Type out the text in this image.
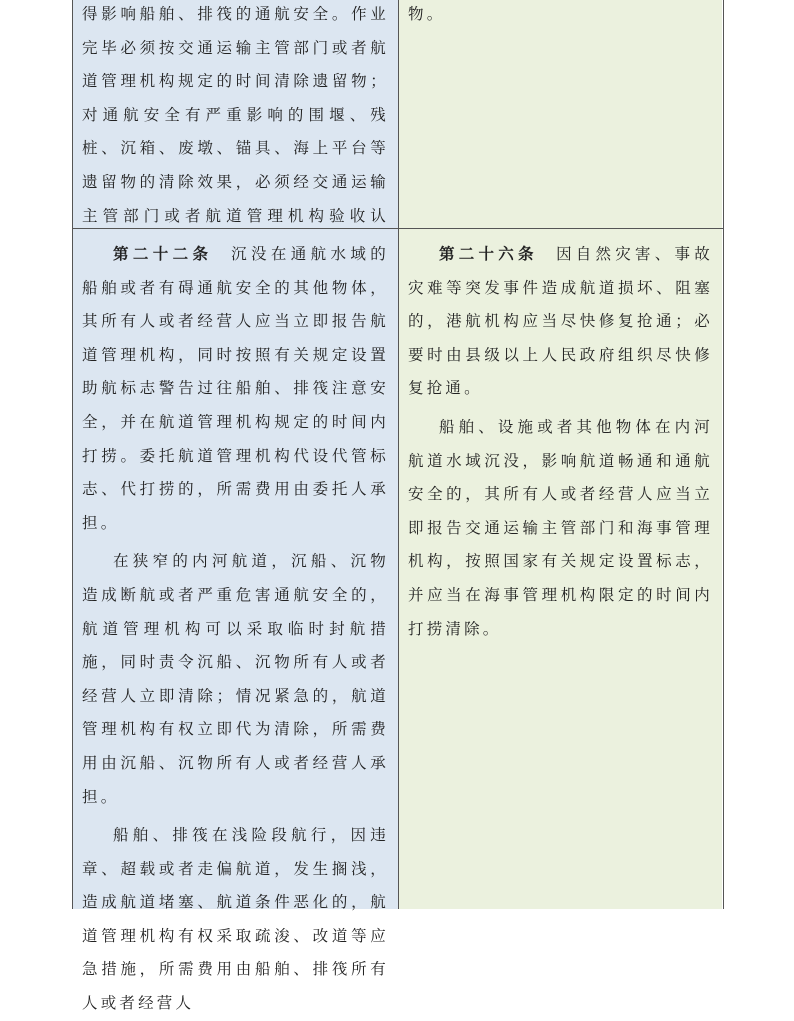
得影响船舶、排筏的通航安全。作业完毕必须按交通运输主管部门或者航道管理机构规定的时间清除遗留物；对通航安全有严重影响的围堰、残桩、沉箱、废墩、锚具、海上平台等遗留物的清除效果，必须经交通运输主管部门或者航道管理机构验收认

物。

第二十二条 沉没在通航水域的船舶或者有碍通航安全的其他物体，其所有人或者经营人应当立即报告航道管理机构，同时按照有关规定设置助航标志警告过往船舶、排筏注意安全，并在航道管理机构规定的时间内打捞。委托航道管理机构代设代管标志、代打捞的，所需费用由委托人承担。

在狭窄的内河航道，沉船、沉物造成断航或者严重危害通航安全的，航道管理机构可以采取临时封航措施，同时责令沉船、沉物所有人或者经营人立即清除；情况紧急的，航道管理机构有权立即代为清除，所需费用由沉船、沉物所有人或者经营人承担。

船舶、排筏在浅险段航行，因违章、超载或者走偏航道，发生搁浅，造成航道堵塞、航道条件恶化的，航道管理机构有权采取疏浚、改道等应急措施，所需费用由船舶、排筏所有人或者经营人

第二十六条 因自然灾害、事故灾难等突发事件造成航道损坏、阻塞的，港航机构应当尽快修复抢通；必要时由县级以上人民政府组织尽快修复抢通。

船舶、设施或者其他物体在内河航道水域沉没，影响航道畅通和通航安全的，其所有人或者经营人应当立即报告交通运输主管部门和海事管理机构，按照国家有关规定设置标志，并应当在海事管理机构限定的时间内打捞清除。
